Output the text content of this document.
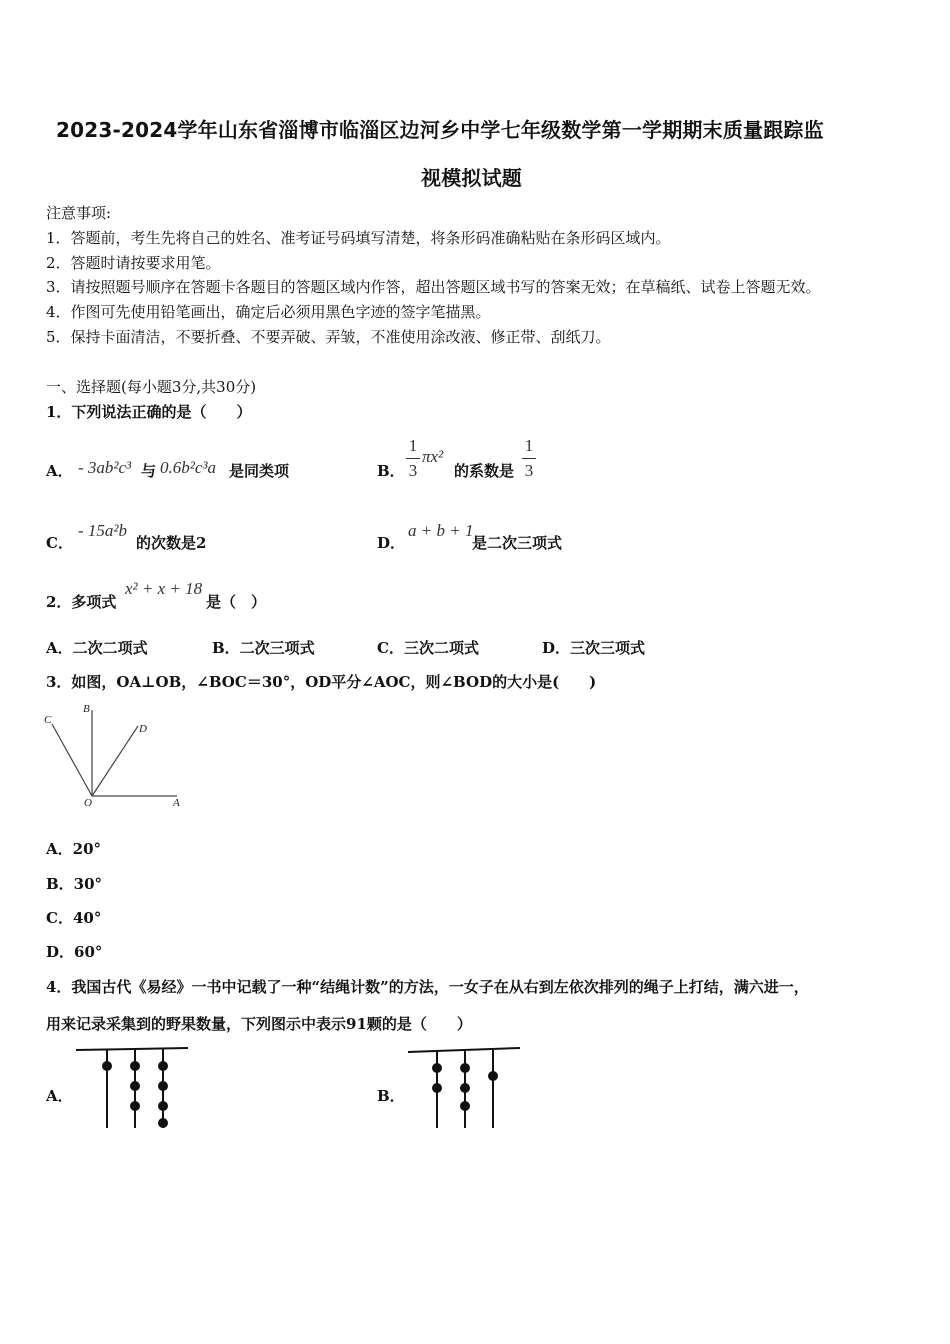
2023-2024学年山东省淄博市临淄区边河乡中学七年级数学第一学期期末质量跟踪监
视模拟试题
注意事项:
1．答题前，考生先将自己的姓名、准考证号码填写清楚，将条形码准确粘贴在条形码区域内。
2．答题时请按要求用笔。
3．请按照题号顺序在答题卡各题目的答题区域内作答，超出答题区域书写的答案无效；在草稿纸、试卷上答题无效。
4．作图可先使用铅笔画出，确定后必须用黑色字迹的签字笔描黑。
5．保持卡面清洁，不要折叠、不要弄破、弄皱，不准使用涂改液、修正带、刮纸刀。
一、选择题(每小题3分,共30分)
1．下列说法正确的是（　　）
A． - 3ab²c³ 与 0.6b²c³a 是同类项	B．
1
3
πx²
的系数是
1
3
C．
- 15a²b
的次数是2	D．
a + b + 1
是二次三项式
2．多项式
x² + x + 18
是（　）
A．二次二项式	B．二次三项式	C．三次二项式	D．三次三项式
3．如图，OA⊥OB，∠BOC＝30°，OD平分∠AOC，则∠BOD的大小是(　　)
C
B
D
O	A
A．20°
B．30°
C．40°
D．60°
4．我国古代《易经》一书中记载了一种“结绳计数”的方法，一女子在从右到左依次排列的绳子上打结，满六进一，
用来记录采集到的野果数量，下列图示中表示91颗的是（　　）
A．	B．
